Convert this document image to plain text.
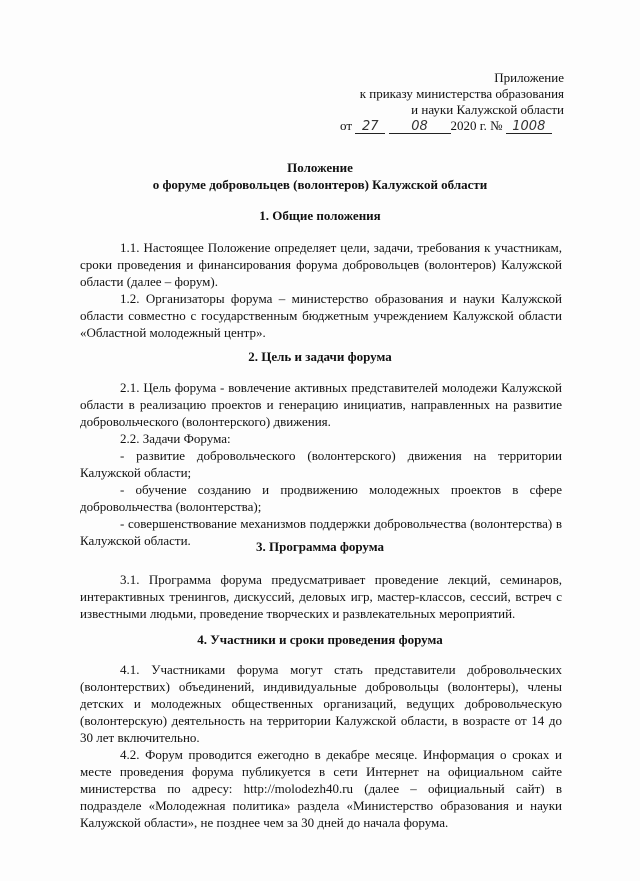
Приложение
к приказу министерства образования
и науки Калужской области
от 27	08 2020 г. № 1008
Положение
о форуме добровольцев (волонтеров) Калужской области
1. Общие положения

1.1. Настоящее Положение определяет цели, задачи, требования к участникам, сроки проведения и финансирования форума добровольцев (волонтеров) Калужской области (далее – форум).

1.2. Организаторы форума – министерство образования и науки Калужской области совместно с государственным бюджетным учреждением Калужской области «Областной молодежный центр».

2. Цель и задачи форума

2.1. Цель форума - вовлечение активных представителей молодежи Калужской области в реализацию проектов и генерацию инициатив, направленных на развитие добровольческого (волонтерского) движения.

2.2. Задачи Форума:

- развитие добровольческого (волонтерского) движения на территории Калужской области;

- обучение созданию и продвижению молодежных проектов в сфере добровольчества (волонтерства);

- совершенствование механизмов поддержки добровольчества (волонтерства) в Калужской области.	3. Программа форума

3.1. Программа форума предусматривает проведение лекций, семинаров, интерактивных тренингов, дискуссий, деловых игр, мастер-классов, сессий, встреч с известными людьми, проведение творческих и развлекательных мероприятий.

4. Участники и сроки проведения форума

4.1. Участниками форума могут стать представители добровольческих (волонтерствих) объединений, индивидуальные добровольцы (волонтеры), члены детских и молодежных общественных организаций, ведущих добровольческую (волонтерскую) деятельность на территории Калужской области, в возрасте от 14 до 30 лет включительно.

4.2. Форум проводится ежегодно в декабре месяце. Информация о сроках и месте проведения форума публикуется в сети Интернет на официальном сайте министерства по адресу: http://molodezh40.ru (далее – официальный сайт) в подразделе «Молодежная политика» раздела «Министерство образования и науки Калужской области», не позднее чем за 30 дней до начала форума.
